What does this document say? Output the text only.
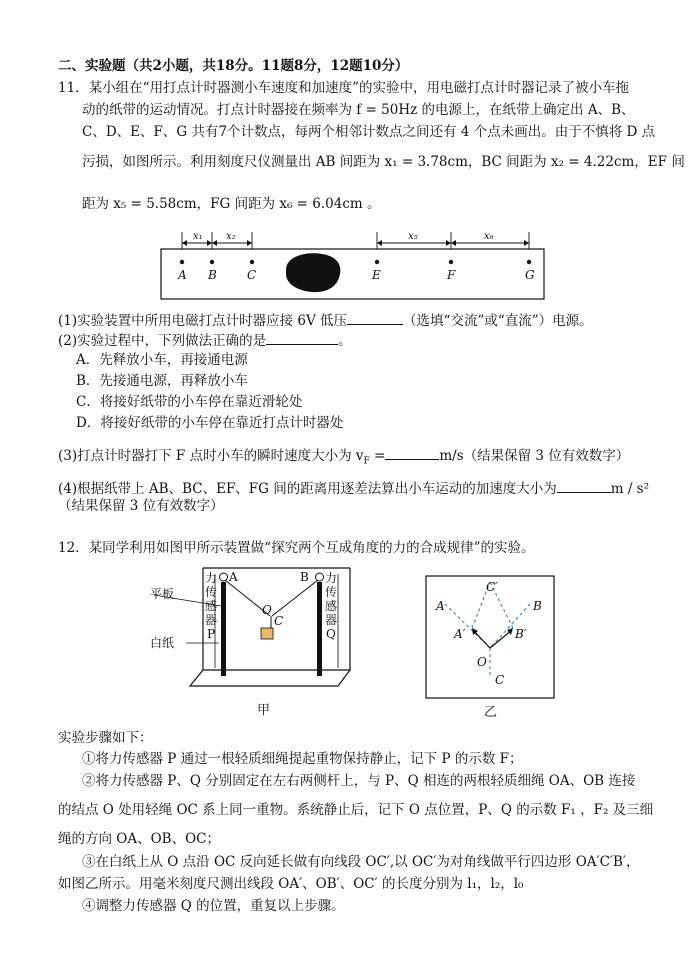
二、实验题（共2小题，共18分。11题8分，12题10分）
11．某小组在“用打点计时器测小车速度和加速度”的实验中，用电磁打点计时器记录了被小车拖
动的纸带的运动情况。打点计时器接在频率为 f = 50Hz 的电源上，在纸带上确定出 A、B、
C、D、E、F、G 共有7个计数点，每两个相邻计数点之间还有 4 个点未画出。由于不慎将 D 点
污损，如图所示。利用刻度尺仪测量出 AB 间距为 x₁ = 3.78cm，BC 间距为 x₂ = 4.22cm，EF 间
距为 x₅ = 5.58cm，FG 间距为 x₆ = 6.04cm 。
x₁ x₂	x₅	x₆
A B	C	E	F	G
(1)实验装置中所用电磁打点计时器应接 6V 低压	（选填“交流”或“直流”）电源。
(2)实验过程中，下列做法正确的是	。
A．先释放小车，再接通电源
B．先接通电源，再释放小车
C．将接好纸带的小车停在靠近滑轮处
D．将接好纸带的小车停在靠近打点计时器处
(3)打点计时器打下 F 点时小车的瞬时速度大小为 $v_F$ =	m/s（结果保留 3 位有效数字）
(4)根据纸带上 AB、BC、EF、FG 间的距离用逐差法算出小车运动的加速度大小为	m / s²
（结果保留 3 位有效数字）
12．某同学利用如图甲所示装置做“探究两个互成角度的力的合成规律”的实验。
A	B
O
C
力
传
感
器
P
力
传
感
器
Q
平板
白纸
甲
A	B
A′	B′
C′
O
C
乙
实验步骤如下：
①将力传感器 P 通过一根轻质细绳提起重物保持静止，记下 P 的示数 F；
②将力传感器 P、Q 分别固定在左右两侧杆上，与 P、Q 相连的两根轻质细绳 OA、OB 连接
的结点 O 处用轻绳 OC 系上同一重物。系统静止后，记下 O 点位置，P、Q 的示数 F₁ ，F₂ 及三细
绳的方向 OA、OB、OC；
③在白纸上从 O 点沿 OC 反向延长做有向线段 OC′,以 OC′为对角线做平行四边形 OA′C′B′，
如图乙所示。用毫米刻度尺测出线段 OA′、OB′、OC′ 的长度分别为 l₁，l₂，l₀
④调整力传感器 Q 的位置，重复以上步骤。
